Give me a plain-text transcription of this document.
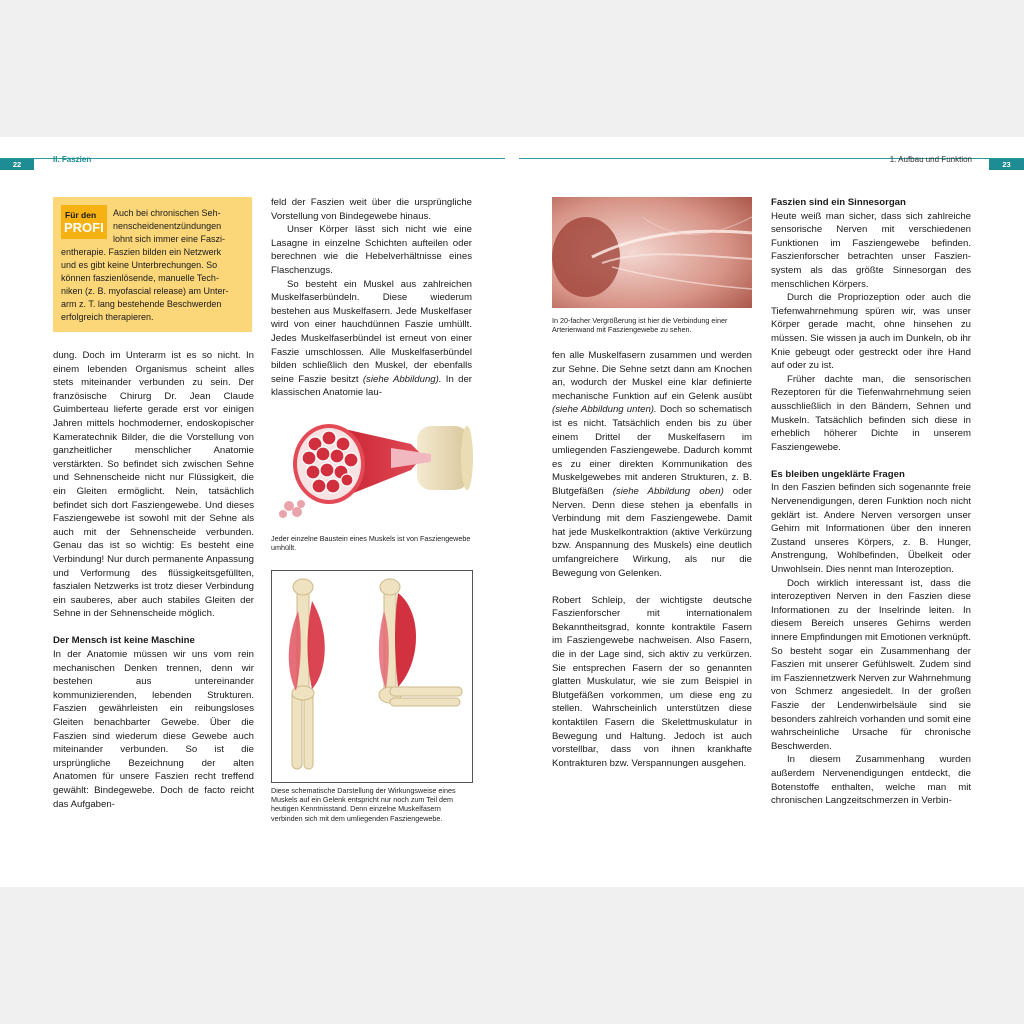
22	23
II. Faszien	1. Aufbau und Funktion
Für den
PROFI
Auch bei chronischen Seh-
nenscheidenentzündungen
lohnt sich immer eine Faszi-
entherapie. Faszien bilden ein Netzwerk
und es gibt keine Unterbrechungen. So
können faszienlösende, manuelle Tech-
niken (z. B. myofascial release) am Unter-
arm z. T. lang bestehende Beschwerden
erfolgreich therapieren.

dung. Doch im Unterarm ist es so nicht. In einem lebenden Organismus scheint alles stets miteinander verbunden zu sein. Der französische Chirurg Dr. Jean Claude Guimberteau lieferte gerade erst vor einigen Jahren mittels hochmoderner, endoskopischer Kameratechnik Bilder, die die Vorstellung von ganzheitlicher menschlicher Anatomie verstärkten. So befindet sich zwischen Sehne und Sehnenscheide nicht nur Flüssigkeit, die ein Gleiten ermöglicht. Nein, tatsächlich befindet sich dort Fasziengewebe. Und dieses Fasziengewebe ist sowohl mit der Sehne als auch mit der Sehnenscheide verbunden. Genau das ist so wichtig: Es besteht eine Verbindung! Nur durch permanente Anpassung und Verformung des flüssigkeitsgefüllten, faszialen Netzwerks ist trotz dieser Verbindung ein sauberes, aber auch stabiles Gleiten der Sehne in der Sehnenscheide möglich.

Der Mensch ist keine Maschine

In der Anatomie müssen wir uns vom rein mechanischen Denken trennen, denn wir bestehen aus untereinander kommunizierenden, lebenden Strukturen. Faszien gewährleisten ein reibungsloses Gleiten benachbarter Gewebe. Über die Faszien sind wiederum diese Gewebe auch miteinander verbunden. So ist die ursprüngliche Bezeichnung der alten Anatomen für unsere Faszien recht treffend gewählt: Bindegewebe. Doch de facto reicht das Aufgaben-

feld der Faszien weit über die ursprüngliche Vorstellung von Bindegewebe hinaus.

Unser Körper lässt sich nicht wie eine Lasagne in einzelne Schichten aufteilen oder berechnen wie die Hebelverhältnisse eines Flaschenzugs.

So besteht ein Muskel aus zahlreichen Muskelfaserbündeln. Diese wiederum bestehen aus Muskelfasern. Jede Muskelfaser wird von einer hauchdünnen Faszie umhüllt. Jedes Muskelfaserbündel ist erneut von einer Faszie umschlossen. Alle Muskelfaserbündel bilden schließlich den Muskel, der ebenfalls seine Faszie besitzt (siehe Abbildung). In der klassischen Anatomie lau-

Jeder einzelne Baustein eines Muskels ist von Fasziengewebe umhüllt.
Diese schematische Darstellung der Wirkungsweise eines Muskels auf ein Gelenk entspricht nur noch zum Teil dem heutigen Kenntnisstand. Denn einzelne Muskelfasern verbinden sich mit dem umliegenden Fasziengewebe.
In 20-facher Vergrößerung ist hier die Verbindung einer Arterienwand mit Fasziengewebe zu sehen.

fen alle Muskelfasern zusammen und werden zur Sehne. Die Sehne setzt dann am Knochen an, wodurch der Muskel eine klar definierte mechanische Funktion auf ein Gelenk ausübt (siehe Abbildung unten). Doch so schematisch ist es nicht. Tatsächlich enden bis zu über einem Drittel der Muskelfasern im umliegenden Fasziengewebe. Dadurch kommt es zu einer direkten Kommunikation des Muskelgewebes mit anderen Strukturen, z. B. Blutgefäßen (siehe Abbildung oben) oder Nerven. Denn diese stehen ja ebenfalls in Verbindung mit dem Fasziengewebe. Damit hat jede Muskelkontraktion (aktive Verkürzung bzw. Anspannung des Muskels) eine deutlich umfangreichere Wirkung, als nur die Bewegung von Gelenken.

Robert Schleip, der wichtigste deutsche Faszienforscher mit internationalem Bekanntheitsgrad, konnte kontraktile Fasern im Fasziengewebe nachweisen. Also Fasern, die in der Lage sind, sich aktiv zu verkürzen. Sie entsprechen Fasern der so genannten glatten Muskulatur, wie sie zum Beispiel in Blutgefäßen vorkommen, um diese eng zu stellen. Wahrscheinlich unterstützen diese kontaktilen Fasern die Skelettmuskulatur in Bewegung und Haltung. Jedoch ist auch vorstellbar, dass von ihnen krankhafte Kontrakturen bzw. Verspannungen ausgehen.

Faszien sind ein Sinnesorgan

Heute weiß man sicher, dass sich zahlreiche sensorische Nerven mit verschiedenen Funktionen im Fasziengewebe befinden. Faszienforscher betrachten unser Faszien-system als das größte Sinnesorgan des menschlichen Körpers.

Durch die Propriozeption oder auch die Tiefenwahrnehmung spüren wir, was unser Körper gerade macht, ohne hinsehen zu müssen. Sie wissen ja auch im Dunkeln, ob ihr Knie gebeugt oder gestreckt oder ihre Hand auf oder zu ist.

Früher dachte man, die sensorischen Rezeptoren für die Tiefenwahrnehmung seien ausschließlich in den Bändern, Sehnen und Muskeln. Tatsächlich befinden sich diese in erheblich höherer Dichte in unserem Fasziengewebe.

Es bleiben ungeklärte Fragen

In den Faszien befinden sich sogenannte freie Nervenendigungen, deren Funktion noch nicht geklärt ist. Andere Nerven versorgen unser Gehirn mit Informationen über den inneren Zustand unseres Körpers, z. B. Hunger, Anstrengung, Wohlbefinden, Übelkeit oder Unwohlsein. Dies nennt man Interozeption.

Doch wirklich interessant ist, dass die interozeptiven Nerven in den Faszien diese Informationen zu der Inselrinde leiten. In diesem Bereich unseres Gehirns werden innere Empfindungen mit Emotionen verknüpft. So besteht sogar ein Zusammenhang der Faszien mit unserer Gefühlswelt. Zudem sind im Fasziennetzwerk Nerven zur Wahrnehmung von Schmerz angesiedelt. In der großen Faszie der Lendenwirbelsäule sind sie besonders zahlreich vorhanden und somit eine wahrscheinliche Ursache für chronische Beschwerden.

In diesem Zusammenhang wurden außerdem Nervenendigungen entdeckt, die Botenstoffe enthalten, welche man mit chronischen Langzeitschmerzen in Verbin-
